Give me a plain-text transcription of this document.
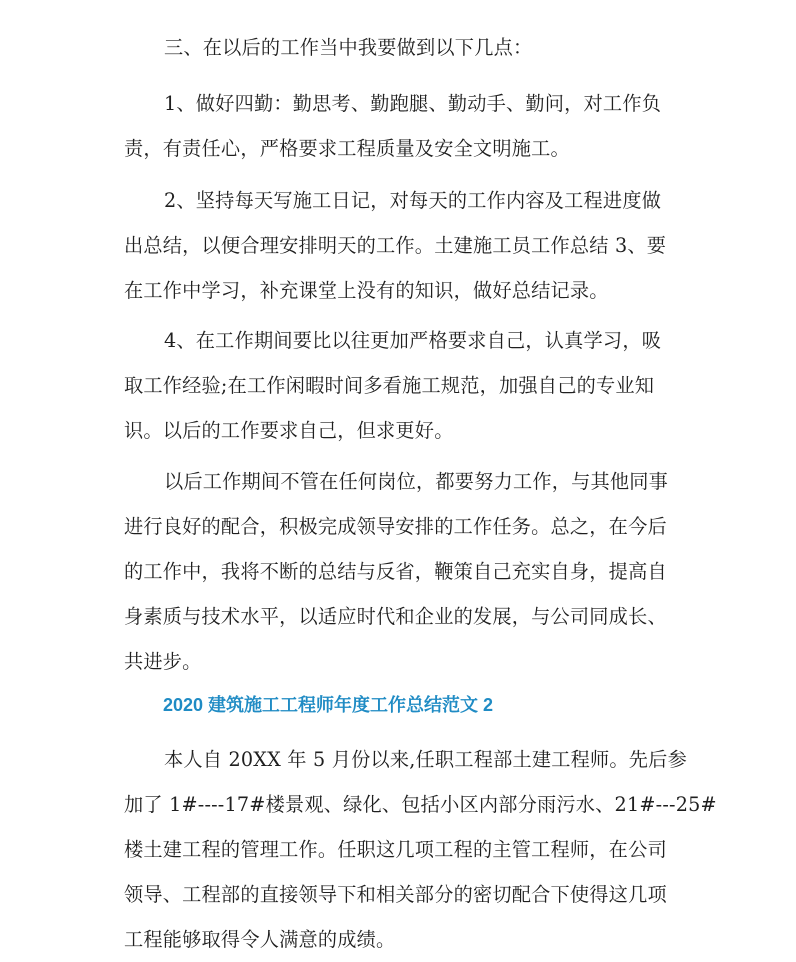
三、在以后的工作当中我要做到以下几点：

1、做好四勤：勤思考、勤跑腿、勤动手、勤问，对工作负
责，有责任心，严格要求工程质量及安全文明施工。

2、坚持每天写施工日记，对每天的工作内容及工程进度做
出总结，以便合理安排明天的工作。土建施工员工作总结 3、要
在工作中学习，补充课堂上没有的知识，做好总结记录。

4、在工作期间要比以往更加严格要求自己，认真学习，吸
取工作经验;在工作闲暇时间多看施工规范，加强自己的专业知
识。以后的工作要求自己，但求更好。

以后工作期间不管在任何岗位，都要努力工作，与其他同事
进行良好的配合，积极完成领导安排的工作任务。总之，在今后
的工作中，我将不断的总结与反省，鞭策自己充实自身，提高自
身素质与技术水平，以适应时代和企业的发展，与公司同成长、
共进步。

2020 建筑施工工程师年度工作总结范文 2

本人自 20XX 年 5 月份以来,任职工程部土建工程师。先后参
加了 1#----17#楼景观、绿化、包括小区内部分雨污水、21#---25#
楼土建工程的管理工作。任职这几项工程的主管工程师，在公司
领导、工程部的直接领导下和相关部分的密切配合下使得这几项
工程能够取得令人满意的成绩。
